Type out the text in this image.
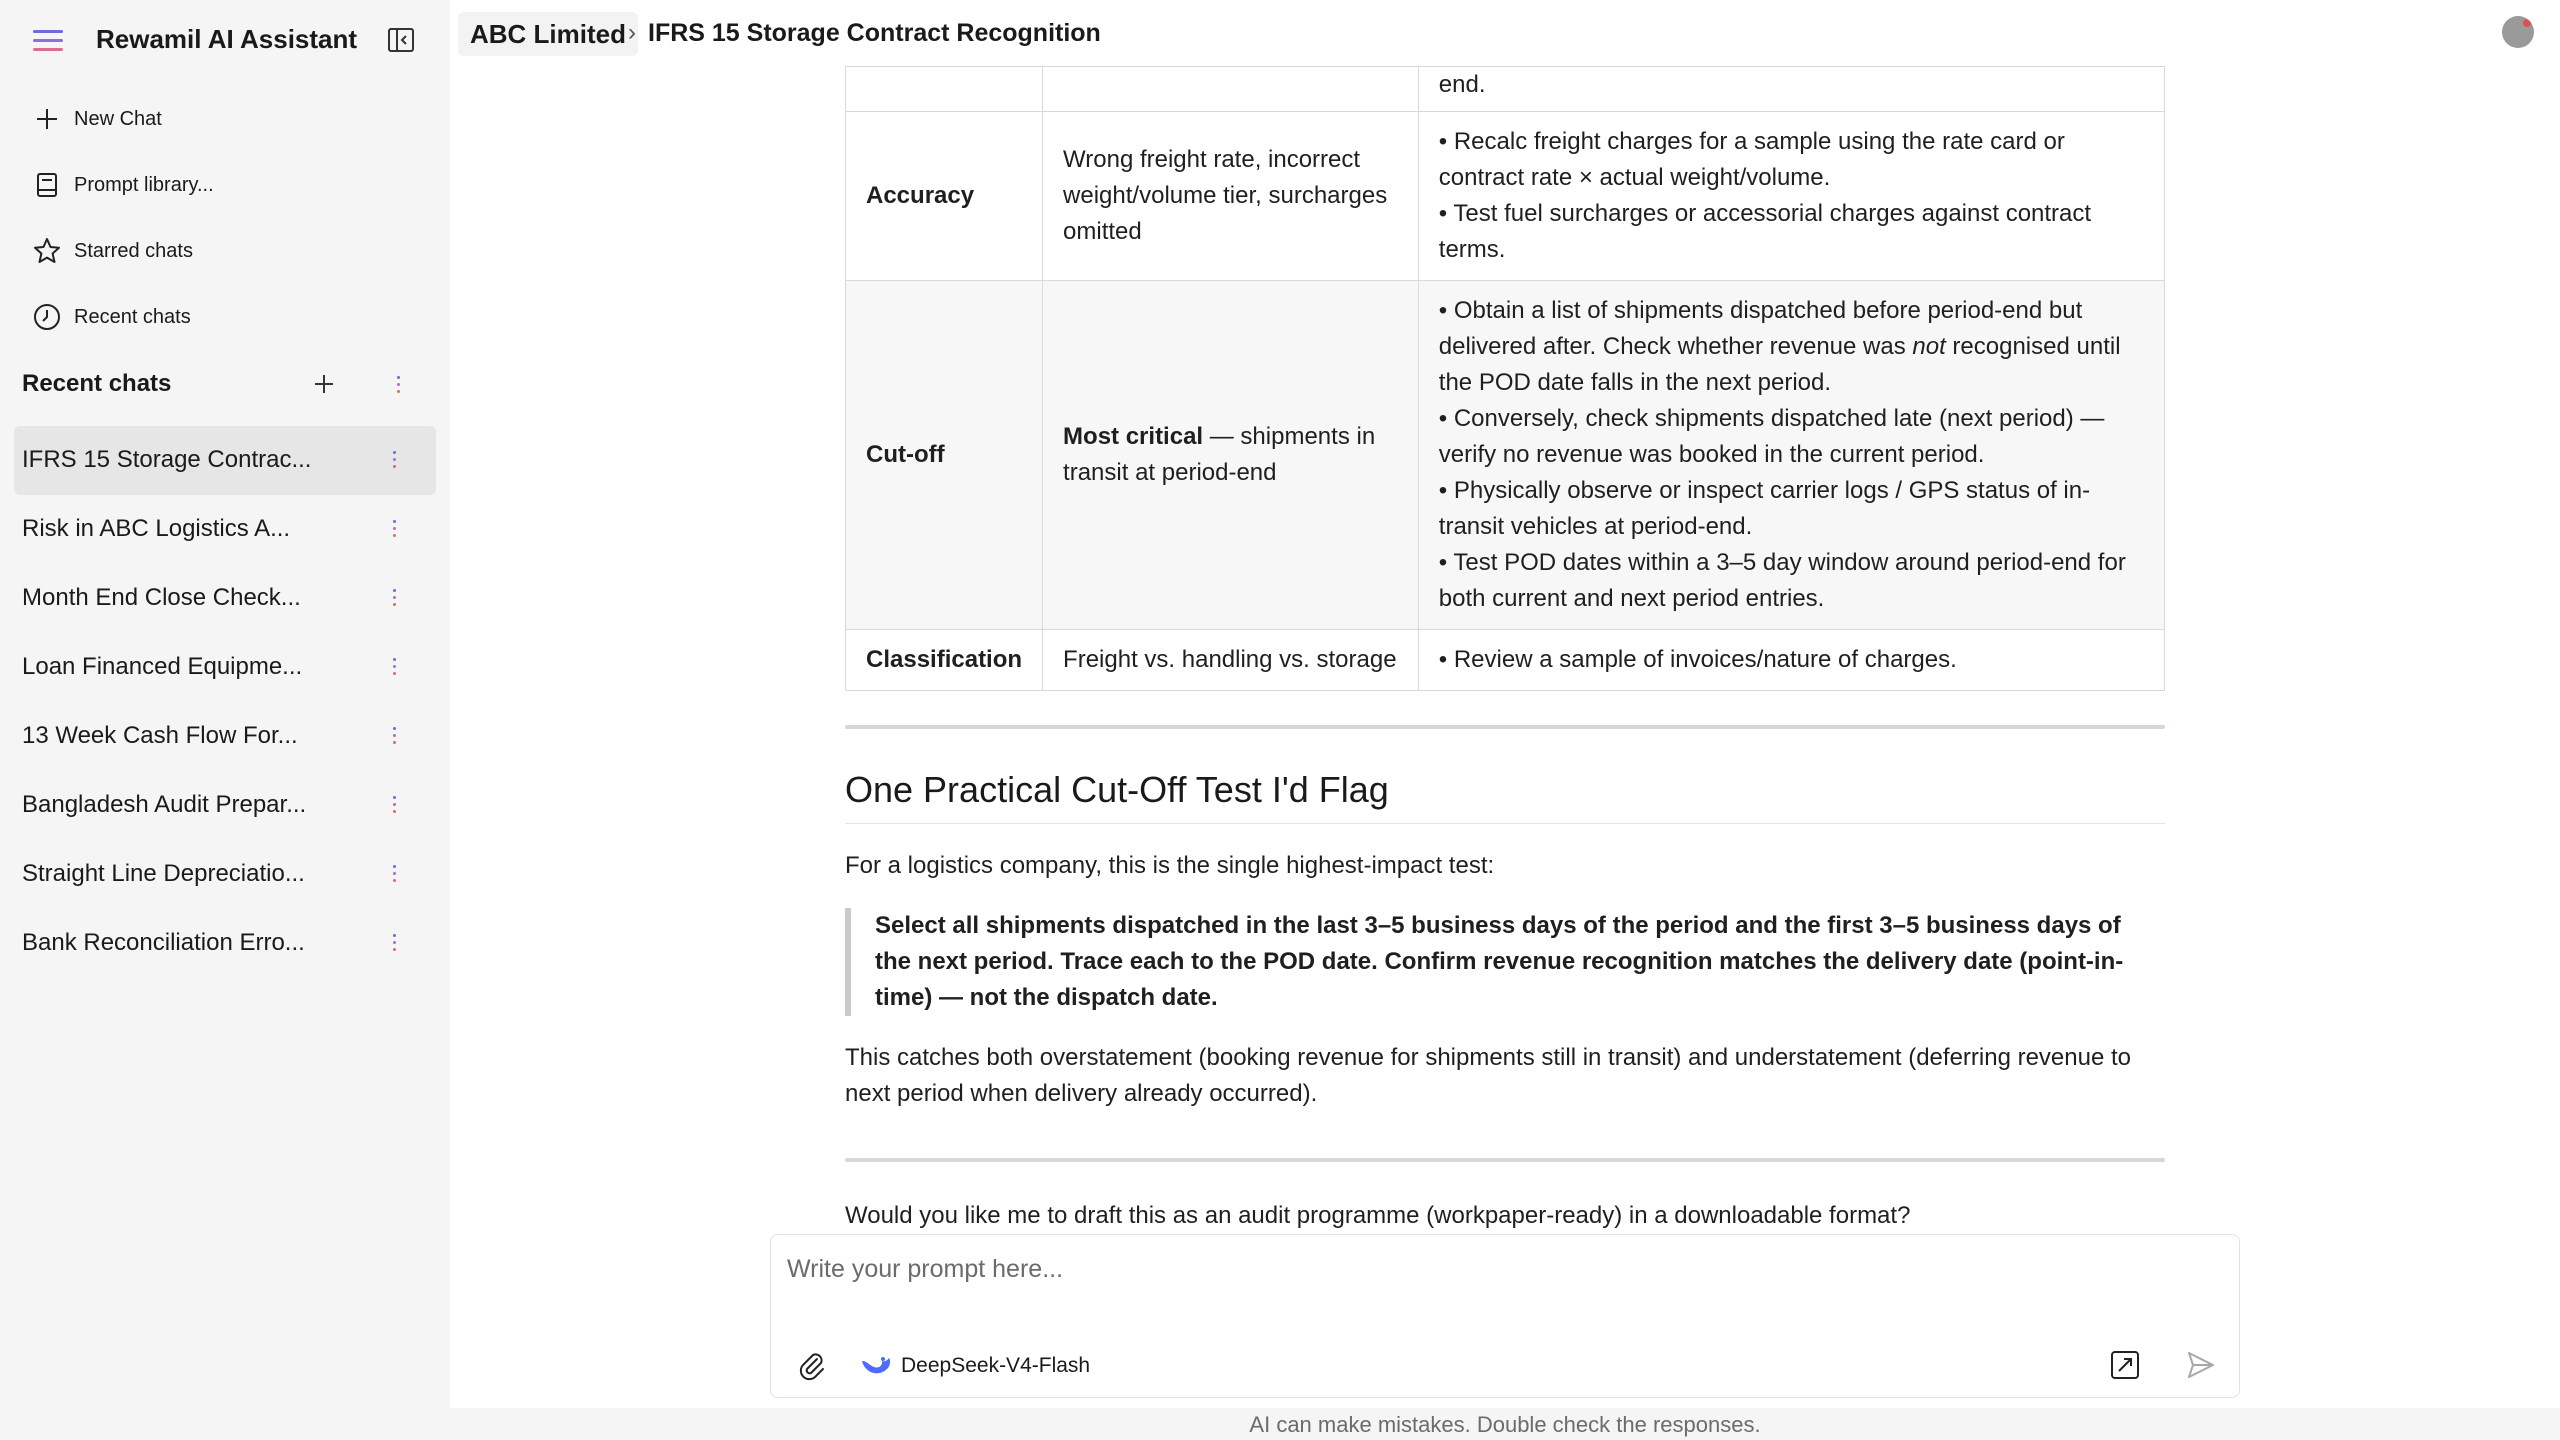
Rewamil AI Assistant
New Chat
Prompt library...
Starred chats
Recent chats
Recent chats
IFRS 15 Storage Contrac...
Risk in ABC Logistics A...
Month End Close Check...
Loan Financed Equipme...
13 Week Cash Flow For...
Bangladesh Audit Prepar...
Straight Line Depreciatio...
Bank Reconciliation Erro...
ABC Limited › IFRS 15 Storage Contract Recognition
		end.
Accuracy	Wrong freight rate, incorrect weight/volume tier, surcharges omitted	• Recalc freight charges for a sample using the rate card or contract rate × actual weight/volume.
• Test fuel surcharges or accessorial charges against contract terms.

Cut-off	Most critical — shipments in transit at period-end	• Obtain a list of shipments dispatched before period-end but delivered after. Check whether revenue was not recognised until the POD date falls in the next period.
• Conversely, check shipments dispatched late (next period) — verify no revenue was booked in the current period.
• Physically observe or inspect carrier logs / GPS status of in-transit vehicles at period-end.
• Test POD dates within a 3–5 day window around period-end for both current and next period entries.

Classification	Freight vs. handling vs. storage	• Review a sample of invoices/nature of charges.
One Practical Cut-Off Test I'd Flag

For a logistics company, this is the single highest-impact test:

Select all shipments dispatched in the last 3–5 business days of the period and the first 3–5 business days of the next period. Trace each to the POD date. Confirm revenue recognition matches the delivery date (point-in-time) — not the dispatch date.

This catches both overstatement (booking revenue for shipments still in transit) and understatement (deferring revenue to next period when delivery already occurred).

Would you like me to draft this as an audit programme (workpaper-ready) in a downloadable format?

Write your prompt here...
DeepSeek-V4-Flash
AI can make mistakes. Double check the responses.
